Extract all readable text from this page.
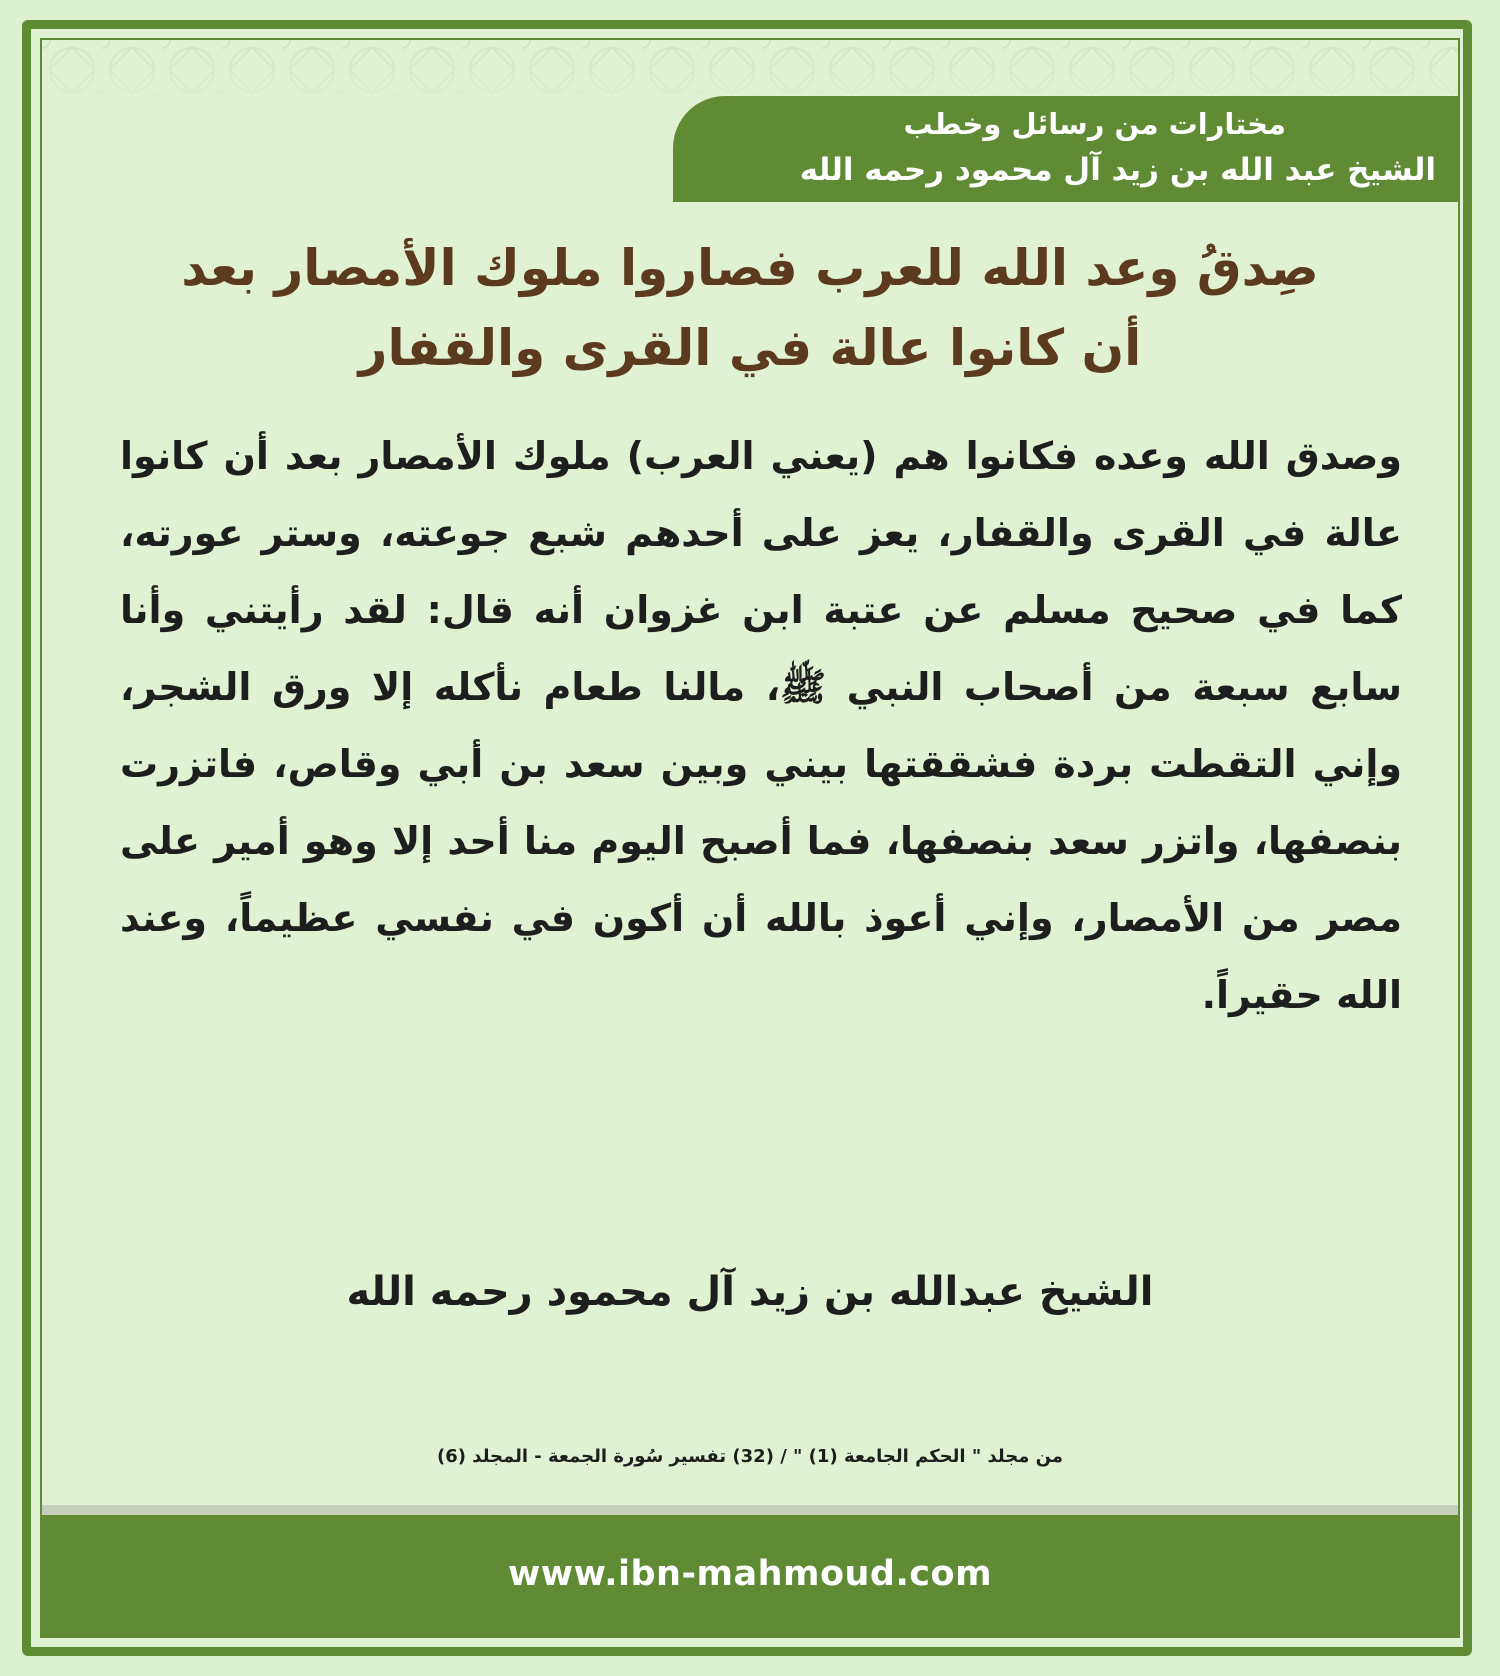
مختارات من رسائل وخطب
الشيخ عبد الله بن زيد آل محمود رحمه الله
صِدقُ وعد الله للعرب فصاروا ملوك الأمصار بعد
أن كانوا عالة في القرى والقفار

وصدق الله وعده فكانوا هم (يعني العرب) ملوك الأمصار بعد أن كانوا عالة في القرى والقفار، يعز على أحدهم شبع جوعته، وستر عورته، كما في صحيح مسلم عن عتبة ابن غزوان أنه قال: لقد رأيتني وأنا سابع سبعة من أصحاب النبي ﷺ، مالنا طعام نأكله إلا ورق الشجر، وإني التقطت بردة فشققتها بيني وبين سعد بن أبي وقاص، فاتزرت بنصفها، واتزر سعد بنصفها، فما أصبح اليوم منا أحد إلا وهو أمير على مصر من الأمصار، وإني أعوذ بالله أن أكون في نفسي عظيماً، وعند الله حقيراً.

الشيخ عبدالله بن زيد آل محمود رحمه الله
من مجلد " الحكم الجامعة (1) " / (32) تفسير سُورة الجمعة - المجلد (6)
www.ibn-mahmoud.com
